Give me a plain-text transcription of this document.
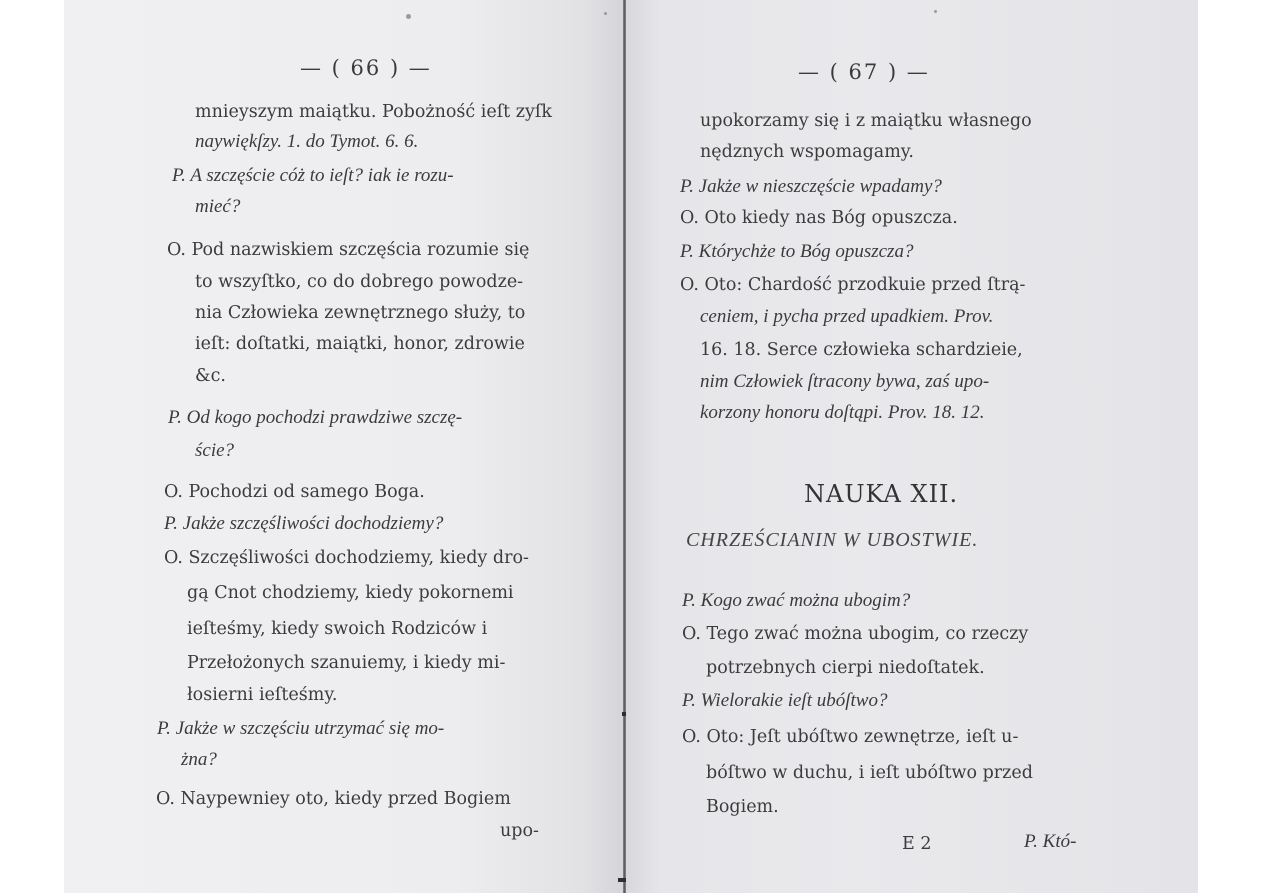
— ( 66 ) —
mnieyszym maiątku. Pobożność ieſt zyſk
naywiękſzy. 1. do Tymot. 6. 6.
P. A szczęście cóż to ieſt? iak ie rozu-
mieć?
O. Pod nazwiskiem szczęścia rozumie się
to wszyſtko, co do dobrego powodze-
nia Człowieka zewnętrznego służy, to
ieſt: doſtatki, maiątki, honor, zdrowie
&c.
P. Od kogo pochodzi prawdziwe szczę-
ście?
O. Pochodzi od samego Boga.
P. Jakże szczęśliwości dochodziemy?
O. Szczęśliwości dochodziemy, kiedy dro-
gą Cnot chodziemy, kiedy pokornemi
ieſteśmy, kiedy swoich Rodziców i
Przełożonych szanuiemy, i kiedy mi-
łosierni ieſteśmy.
P. Jakże w szczęściu utrzymać się mo-
żna?
O. Naypewniey oto, kiedy przed Bogiem
upo-
— ( 67 ) —
upokorzamy się i z maiątku własnego
nędznych wspomagamy.
P. Jakże w nieszczęście wpadamy?
O. Oto kiedy nas Bóg opuszcza.
P. Którychże to Bóg opuszcza?
O. Oto: Chardość przodkuie przed ſtrą-
ceniem, i pycha przed upadkiem. Prov.
16. 18. Serce człowieka schardzieie,
nim Człowiek ſtracony bywa, zaś upo-
korzony honoru doſtąpi. Prov. 18. 12.
NAUKA XII.
CHRZEŚCIANIN W UBOSTWIE.
P. Kogo zwać można ubogim?
O. Tego zwać można ubogim, co rzeczy
potrzebnych cierpi niedoſtatek.
P. Wielorakie ieſt ubóſtwo?
O. Oto: Jeſt ubóſtwo zewnętrze, ieſt u-
bóſtwo w duchu, i ieſt ubóſtwo przed
Bogiem.
E 2	P. Któ-
